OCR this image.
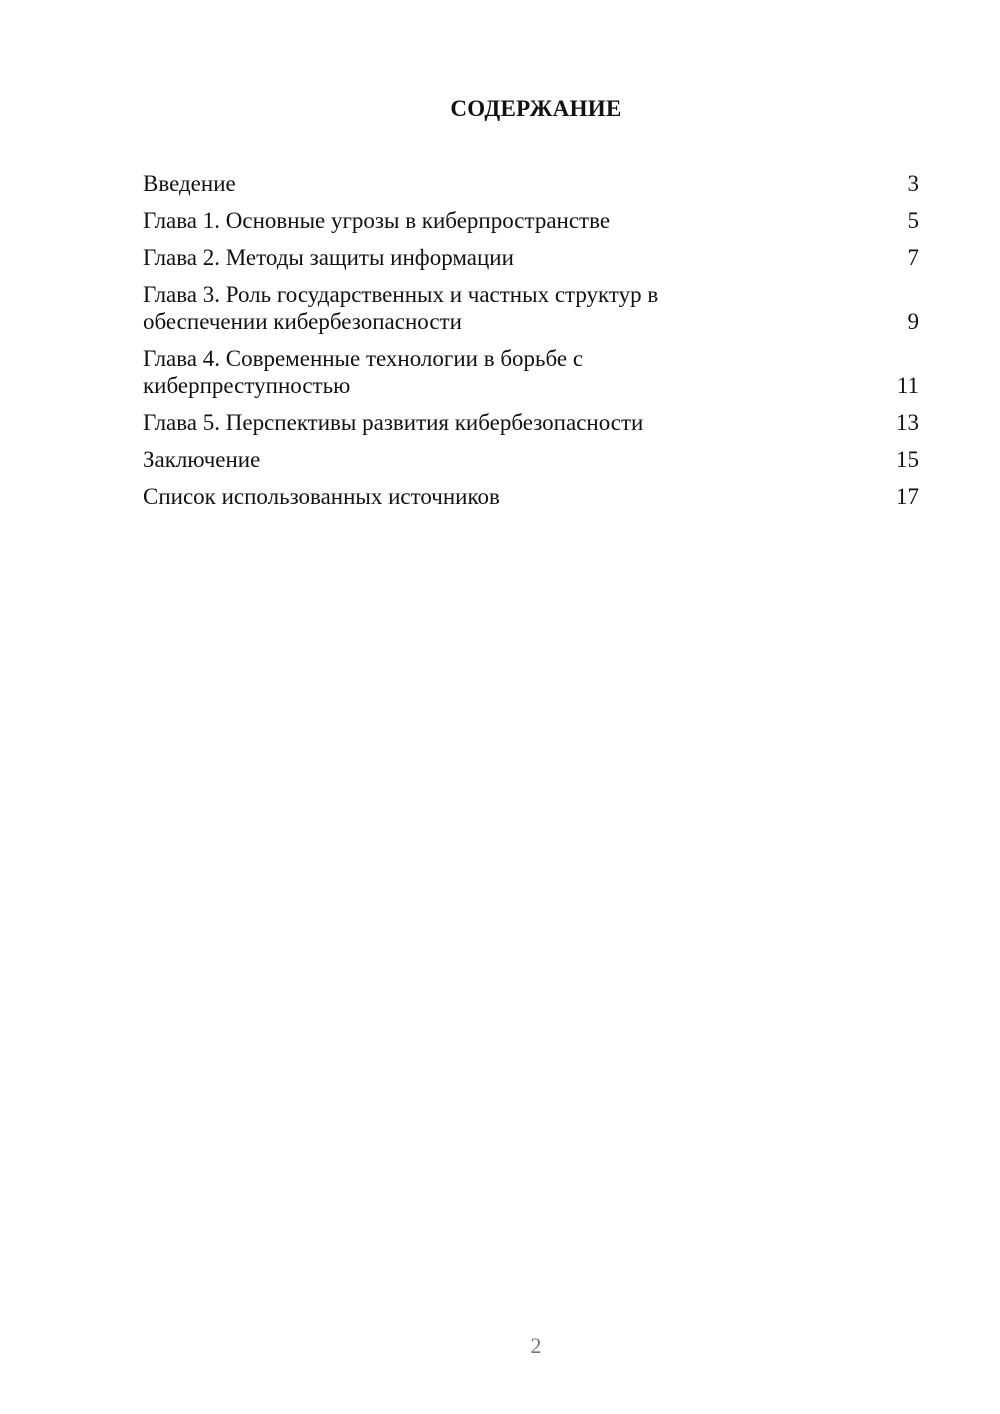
СОДЕРЖАНИЕ
Введение	3
Глава 1. Основные угрозы в киберпространстве	5
Глава 2. Методы защиты информации	7
Глава 3. Роль государственных и частных структур в обеспечении кибербезопасности	9
Глава 4. Современные технологии в борьбе с киберпреступностью	11
Глава 5. Перспективы развития кибербезопасности	13
Заключение	15
Список использованных источников	17
2
